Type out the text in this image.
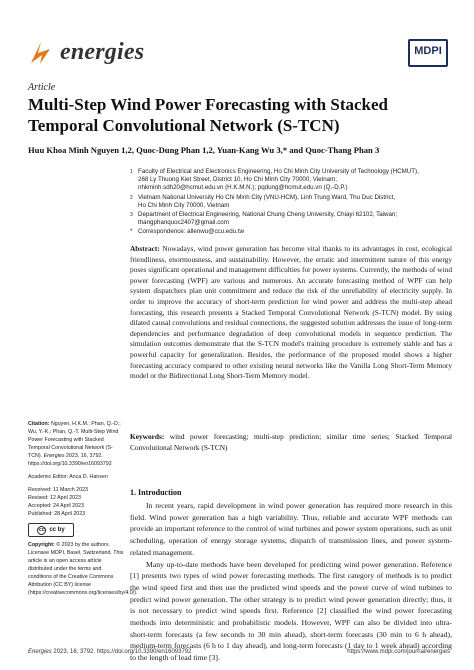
energies	MDPI
Article
Multi-Step Wind Power Forecasting with Stacked Temporal Convolutional Network (S-TCN)
Huu Khoa Minh Nguyen 1,2, Quoc-Dung Phan 1,2, Yuan-Kang Wu 3,* and Quoc-Thang Phan 3
1 Faculty of Electrical and Electronics Engineering, Ho Chi Minh City University of Technology (HCMUT),
268 Ly Thuong Kiet Street, District 10, Ho Chi Minh City 70000, Vietnam;
nhkminh.sdh20@hcmut.edu.vn (H.K.M.N.); pqdung@hcmut.edu.vn (Q.-D.P.)
2 Vietnam National University Ho Chi Minh City (VNU-HCM), Linh Trung Ward, Thu Duc District,
Ho Chi Minh City 70000, Vietnam
3 Department of Electrical Engineering, National Chung Cheng University, Chiayi 62102, Taiwan;
thangphanquoc2407@gmail.com
* Correspondence: allenwu@ccu.edu.tw
Abstract: Nowadays, wind power generation has become vital thanks to its advantages in cost, ecological friendliness, enormousness, and sustainability. However, the erratic and intermittent nature of this energy poses significant operational and management difficulties for power systems. Currently, the methods of wind power forecasting (WPF) are various and numerous. An accurate forecasting method of WPF can help system dispatchers plan unit commitment and reduce the risk of the unreliability of electricity supply. In order to improve the accuracy of short-term prediction for wind power and address the multi-step ahead forecasting, this research presents a Stacked Temporal Convolutional Network (S-TCN) model. By using dilated causal convolutions and residual connections, the suggested solution addresses the issue of long-term dependencies and performance degradation of deep convolutional models in sequence prediction. The simulation outcomes demonstrate that the S-TCN model's training procedure is extremely stable and has a powerful capacity for generalization. Besides, the performance of the proposed model shows a higher forecasting accuracy compared to other existing neural networks like the Vanilla Long Short-Term Memory model or the Bidirectional Long Short-Term Memory model.
Keywords: wind power forecasting; multi-step prediction; similar time series; Stacked Temporal Convolutional Network (S-TCN)
Citation: Nguyen, H.K.M.; Phan, Q.-D.; Wu, Y.-K.; Phan, Q.-T. Multi-Step Wind Power Forecasting with Stacked Temporal Convolutional Network (S-TCN). Energies 2023, 16, 3792. https://doi.org/10.3390/en16093792
Academic Editor: Anca D. Hansen
Received: 11 March 2023
Revised: 12 April 2023
Accepted: 24 April 2023
Published: 28 April 2023
cc cc by
Copyright: © 2023 by the authors. Licensee MDPI, Basel, Switzerland. This article is an open access article distributed under the terms and conditions of the Creative Commons Attribution (CC BY) license (https://creativecommons.org/licenses/by/4.0/).
1. Introduction

In recent years, rapid development in wind power generation has required more research in this field. Wind power generation has a high variability. Thus, reliable and accurate WPF methods can provide an important reference to the control of wind turbines and power system operations, such as unit scheduling, operation of energy storage systems, dispatch of transmission lines, and power system-related management.

Many up-to-date methods have been developed for predicting wind power generation. Reference [1] presents two types of wind power forecasting methods. The first category of methods is to predict the wind speed first and then use the predicted wind speeds and the power curve of wind turbines to predict wind power generation. The other strategy is to predict wind power generation directly; thus, it is not necessary to predict wind speeds first. Reference [2] classified the wind power forecasting methods into deterministic and probabilistic models. However, WPF can also be divided into ultra-short-term forecasts (a few seconds to 30 min ahead), short-term forecasts (30 min to 6 h ahead), medium-term forecasts (6 h to 1 day ahead), and long-term forecasts (1 day to 1 week ahead) according to the length of lead time [3].

Energies 2023, 16, 3792. https://doi.org/10.3390/en16093792	https://www.mdpi.com/journal/energies
